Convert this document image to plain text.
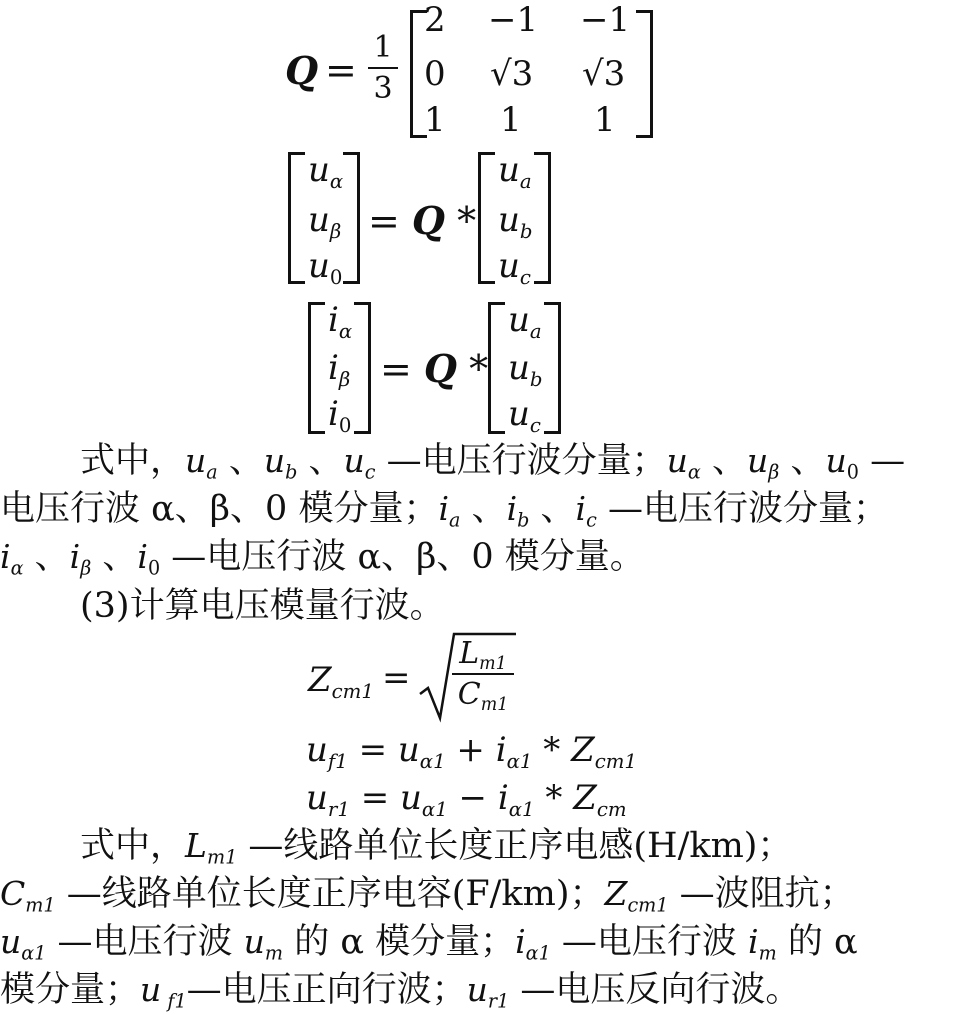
Q =
1
3
2 −1 −1
0 √3 √3
1 1 1
$u_\alpha$
$u_\beta$
$u_0$
= Q *
$u_a$
$u_b$
$u_c$
$i_\alpha$
$i_\beta$
$i_0$
= Q *
$u_a$
$u_b$
$u_c$
式中，$u_a$ 、$u_b$ 、$u_c$ —电压行波分量；$u_\alpha$ 、$u_\beta$ 、$u_0$ —
电压行波 α、β、0 模分量；$i_a$ 、$i_b$ 、$i_c$ —电压行波分量；
$i_\alpha$ 、$i_\beta$ 、$i_0$ —电压行波 α、β、0 模分量。
(3)计算电压模量行波。
$Z_{cm1}$ =
$L_{m1}$
$C_{m1}$
$u_{f1} = u_{\alpha 1} + i_{\alpha 1} * Z_{cm1}$
$u_{r1} = u_{\alpha 1} - i_{\alpha 1} * Z_{cm}$
式中，$L_{m1}$ —线路单位长度正序电感(H/km)；
$C_{m1}$ —线路单位长度正序电容(F/km)；$Z_{cm1}$ —波阻抗；
$u_{\alpha 1}$ —电压行波 $u_m$ 的 α 模分量；$i_{\alpha 1}$ —电压行波 $i_m$ 的 α
模分量；u $_{f1}$—电压正向行波；$u_{r1}$ —电压反向行波。
